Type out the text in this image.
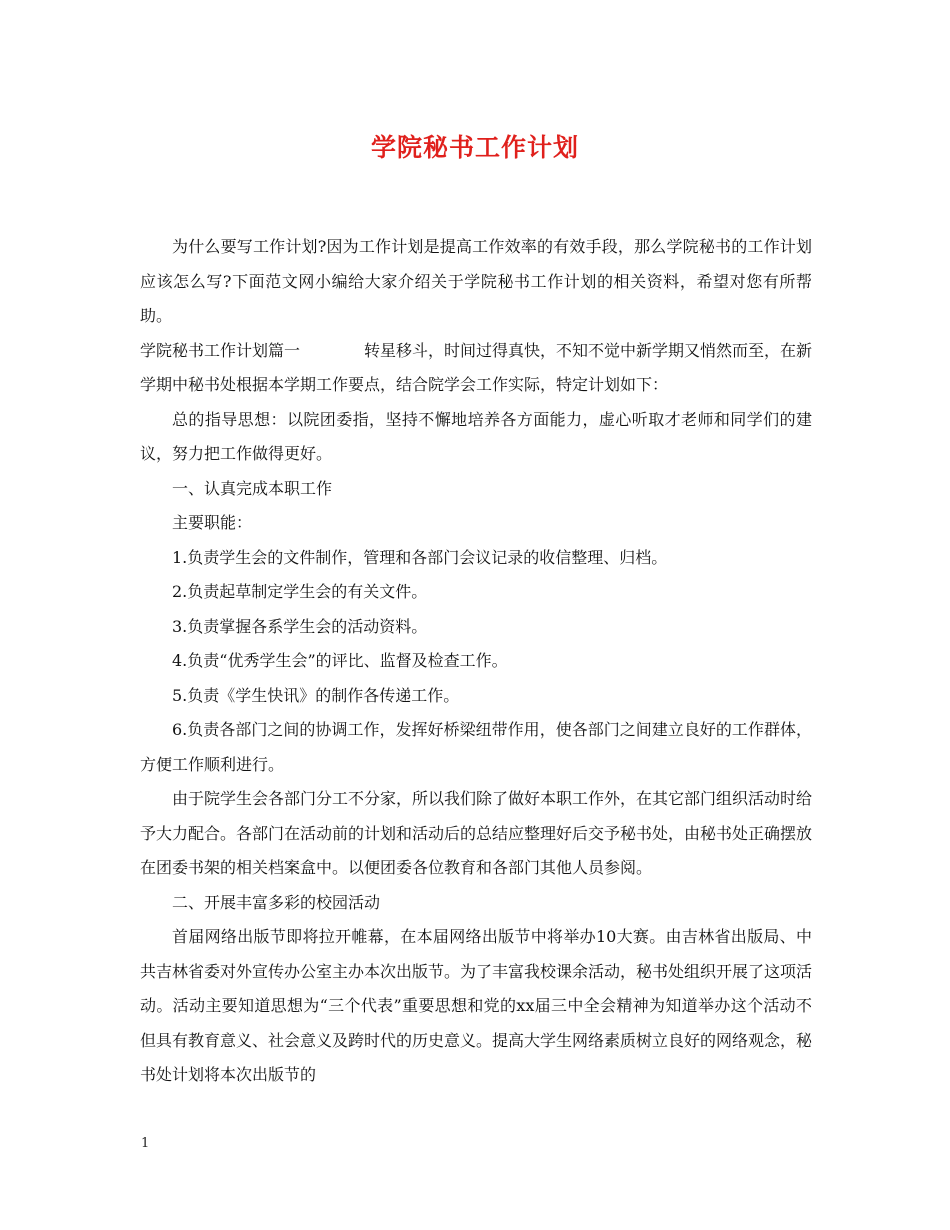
学院秘书工作计划

为什么要写工作计划?因为工作计划是提高工作效率的有效手段，那么学院秘书的工作计划应该怎么写?下面范文网小编给大家介绍关于学院秘书工作计划的相关资料，希望对您有所帮助。

学院秘书工作计划篇一　　　　转星移斗，时间过得真快，不知不觉中新学期又悄然而至，在新学期中秘书处根据本学期工作要点，结合院学会工作实际，特定计划如下：

总的指导思想：以院团委指，坚持不懈地培养各方面能力，虚心听取才老师和同学们的建议，努力把工作做得更好。

一、认真完成本职工作

主要职能：

1.负责学生会的文件制作，管理和各部门会议记录的收信整理、归档。

2.负责起草制定学生会的有关文件。

3.负责掌握各系学生会的活动资料。

4.负责“优秀学生会”的评比、监督及检查工作。

5.负责《学生快讯》的制作各传递工作。

6.负责各部门之间的协调工作，发挥好桥梁纽带作用，使各部门之间建立良好的工作群体，方便工作顺利进行。

由于院学生会各部门分工不分家，所以我们除了做好本职工作外，在其它部门组织活动时给予大力配合。各部门在活动前的计划和活动后的总结应整理好后交予秘书处，由秘书处正确摆放在团委书架的相关档案盒中。以便团委各位教育和各部门其他人员参阅。

二、开展丰富多彩的校园活动

首届网络出版节即将拉开帷幕，在本届网络出版节中将举办10大赛。由吉林省出版局、中共吉林省委对外宣传办公室主办本次出版节。为了丰富我校课余活动，秘书处组织开展了这项活动。活动主要知道思想为“三个代表”重要思想和党的xx届三中全会精神为知道举办这个活动不但具有教育意义、社会意义及跨时代的历史意义。提高大学生网络素质树立良好的网络观念，秘书处计划将本次出版节的

1
